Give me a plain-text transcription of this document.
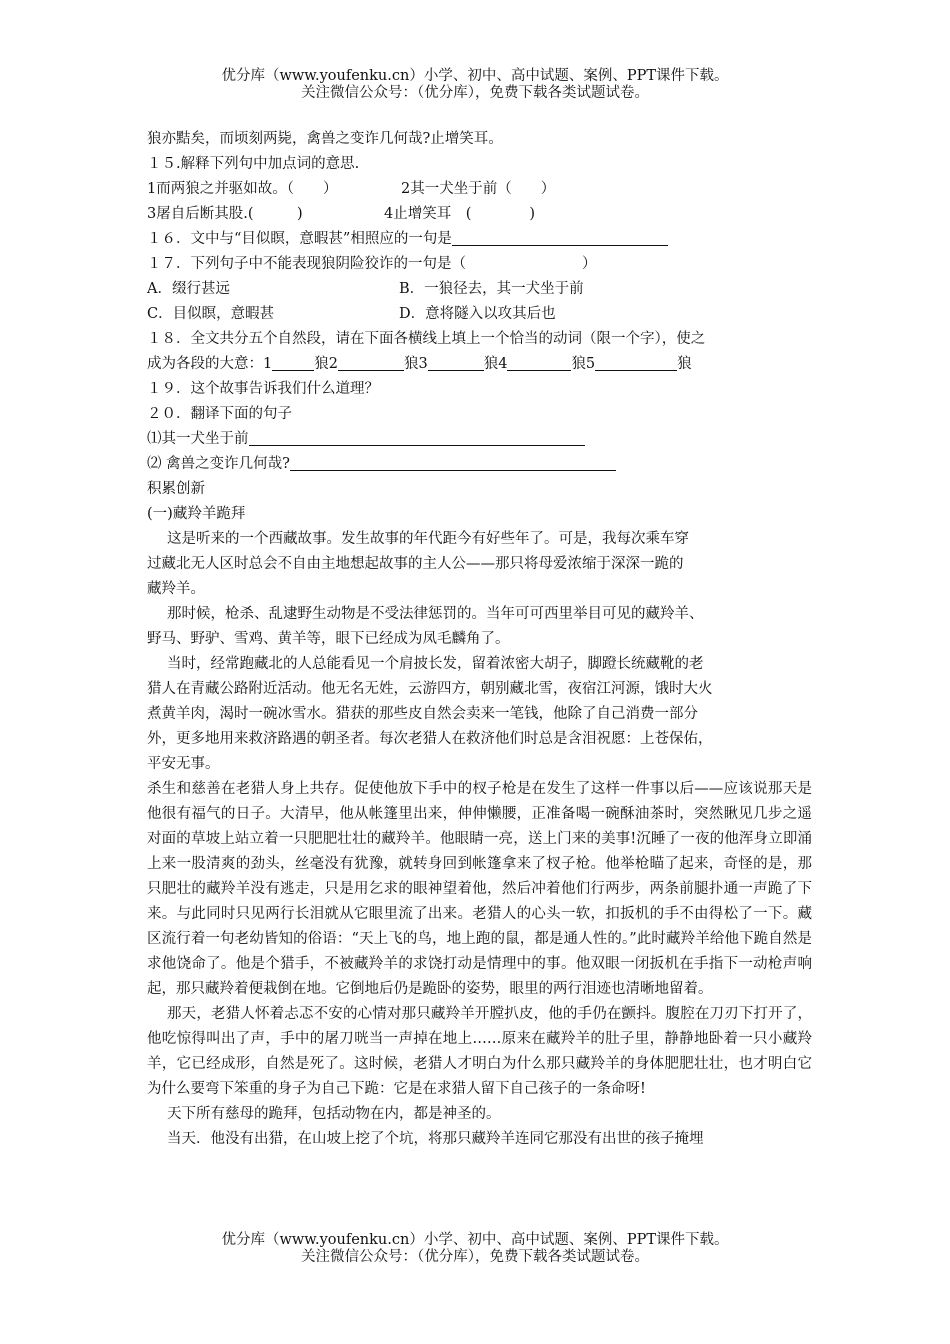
优分库（www.youfenku.cn）小学、初中、高中试题、案例、PPT课件下载。
关注微信公众号：（优分库），免费下载各类试题试卷。
狼亦黠矣，而顷刻两毙，禽兽之变诈几何哉?止增笑耳。
１５.解释下列句中加点词的意思.
1而两狼之并驱如故。（　　）	2其一犬坐于前（　　）
3屠自后断其股.(　　　)	4止增笑耳　(　　　　)
１６．文中与“目似瞑，意暇甚”相照应的一句是
１７．下列句子中不能表现狼阴险狡诈的一句是（　　　　　　　　）
A．缀行甚远	B．一狼径去，其一犬坐于前
C．目似瞑，意暇甚	D．意将隧入以攻其后也
１８．全文共分五个自然段，请在下面各横线上填上一个恰当的动词（限一个字），使之
成为各段的大意：1	狼2	狼3	狼4	狼5	狼
１９．这个故事告诉我们什么道理？
２０．翻译下面的句子
⑴其一犬坐于前
⑵ 禽兽之变诈几何哉?
积累创新
(一)藏羚羊跪拜
这是听来的一个西藏故事。发生故事的年代距今有好些年了。可是，我每次乘车穿
过藏北无人区时总会不自由主地想起故事的主人公——那只将母爱浓缩于深深一跪的
藏羚羊。
那时候，枪杀、乱逮野生动物是不受法律惩罚的。当年可可西里举目可见的藏羚羊、
野马、野驴、雪鸡、黄羊等，眼下已经成为凤毛麟角了。
当时，经常跑藏北的人总能看见一个肩披长发，留着浓密大胡子，脚蹬长统藏靴的老
猎人在青藏公路附近活动。他无名无姓，云游四方，朝别藏北雪，夜宿江河源，饿时大火
煮黄羊肉，渴时一碗冰雪水。猎获的那些皮自然会卖来一笔钱，他除了自己消费一部分
外，更多地用来救济路遇的朝圣者。每次老猎人在救济他们时总是含泪祝愿：上苍保佑，
平安无事。
杀生和慈善在老猎人身上共存。促使他放下手中的杈子枪是在发生了这样一件事以后——应该说那天是他很有福气的日子。大清早，他从帐篷里出来，伸伸懒腰，正准备喝一碗酥油茶时，突然瞅见几步之遥对面的草坡上站立着一只肥肥壮壮的藏羚羊。他眼睛一亮，送上门来的美事!沉睡了一夜的他浑身立即涌上来一股清爽的劲头，丝毫没有犹豫，就转身回到帐篷拿来了杈子枪。他举枪瞄了起来，奇怪的是，那只肥壮的藏羚羊没有逃走，只是用乞求的眼神望着他，然后冲着他们行两步，两条前腿扑通一声跪了下来。与此同时只见两行长泪就从它眼里流了出来。老猎人的心头一软，扣扳机的手不由得松了一下。藏区流行着一句老幼皆知的俗语：“天上飞的鸟，地上跑的鼠，都是通人性的。”此时藏羚羊给他下跪自然是求他饶命了。他是个猎手，不被藏羚羊的求饶打动是情理中的事。他双眼一闭扳机在手指下一动枪声响起，那只藏羚着便栽倒在地。它倒地后仍是跪卧的姿势，眼里的两行泪迹也清晰地留着。
那天，老猎人怀着忐忑不安的心情对那只藏羚羊开膛扒皮，他的手仍在颤抖。腹腔在刀刃下打开了，他吃惊得叫出了声，手中的屠刀咣当一声掉在地上……原来在藏羚羊的肚子里，静静地卧着一只小藏羚羊，它已经成形，自然是死了。这时候，老猎人才明白为什么那只藏羚羊的身体肥肥壮壮，也才明白它为什么要弯下笨重的身子为自己下跪：它是在求猎人留下自己孩子的一条命呀!
天下所有慈母的跪拜，包括动物在内，都是神圣的。
当天．他没有出猎，在山坡上挖了个坑，将那只藏羚羊连同它那没有出世的孩子掩埋
优分库（www.youfenku.cn）小学、初中、高中试题、案例、PPT课件下载。
关注微信公众号：（优分库），免费下载各类试题试卷。
